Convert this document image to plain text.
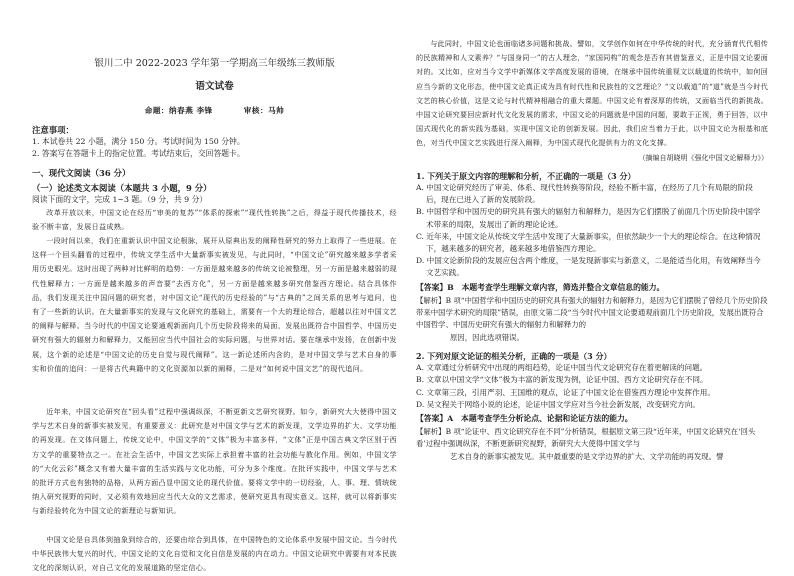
银川二中 2022-2023 学年第一学期高三年级练三教师版
语文试卷
命题：纳春燕 李锋	审核：马帅
注意事项：
1. 本试卷共 22 小题，满分 150 分。考试时间为 150 分钟。
2. 答案写在答题卡上的指定位置。考试结束后，交回答题卡。
一、现代文阅读（36 分）
（一）论述类文本阅读（本题共 3 小题，9 分）
阅读下面的文字，完成 1~3 题。（9 分，共 9 分）
改革开放以来，中国文论在经历“审美的复苏”“体系的探索”“现代性转换”之后，得益于现代传播技术，经验不断丰富，发展日益成熟。
一段时间以来，我们在重新认识中国文论根脉，展开从原典出发的阐释性研究的努力上取得了一些进展。在这样一个回头翻看的过程中，传统文学生活中大量新事实被发见，与此同时，“中国文论”研究越来越多学者采用历史眼光。这时出现了两种对比鲜明的趋势：一方面是越来越多的传统文论被整理，另一方面是越来越弱的现代性解释力；一方面是越来越多的声音要“去西方化”，另一方面是越来越多研究借鉴西方理论。结合具体作品，我们发现关注中国问题的研究者，对中国文论“现代的历史经验的”与“古典的”之间关系的思考与追问，也有了一些新的认识。在大量新事实的发现与文化研究的基础上，需要有一个大的理论综合，超越以往对中国文艺的阐释与解释。当今时代的中国文论要通观新面向几个历史阶段将来的局面，发展出既符合中国哲学、中国历史研究有强大的辐射力和解释力，又能回应当代中国社会的实际问题，与世界对话。要在继承中发扬，在创新中发展，这个新的论述是“中国文论的历史自觉与现代阐释”。这一新论述所内含的，是对中国文学与艺术自身的事实和价值的追问：一是将古代典籍中的文化资源加以新的阐释，二是对“如何说中国文艺”的现代追问。
近年来，中国文论研究在“回头看”过程中强调纵深，不断更新文艺研究视野。如今，新研究大大使得中国文学与艺术自身的新事实被发见，有重要意义：此研究是对中国文学与艺术的新发现，文学边界的扩大、文学功能的再发现。在文体问题上，传统文论中，中国文学的“文体”极为丰富多样，“文体”正是中国古典文学区别于西方文学的重要特点之一。在社会生活中，中国文艺实际上承担着丰富的社会功能与教化作用。例如，中国文学的“大化云彩”概念又有着大量丰富的生活实践与文化功能，可分为多个维度。在批评实践中，中国文学与艺术的批评方式也有独特的品格，从两方面凸显中国文论的现代价值。要将文学中的一切经验，人、事、理、情统统纳入研究视野的同时，又必须有效地回应当代大众的文艺需求，使研究更具有现实意义。这样，就可以将新事实与新经验转化为中国文论的新理论与新知识。
中国文论是自具体到抽象到综合的，还要由综合到具体，在中国特色的文论体系中发展中国文论。当今时代中华民族伟大复兴的时代，中国文论的文化自觉和文化自信是发展的内在动力。中国文论研究中需要有对本民族文化的深刻认识，对自己文化的发展道路的坚定信心。
与此同时，中国文论也面临诸多问题和挑战。譬如，文学创作如何在中华传统的时代，充分涵育代代相传的民族精神和人文素养？“与国身同一”的古人理念，“家国同构”的观念是否有其借鉴意义，正是中国文论要面对的。又比如，应对当今文学中新媒体文学高度发展的语境，在继承中国传统重视文以载道的传统中，如何回应当今新的文化形态，使中国文论真正成为具有时代性和民族性的文艺理论？“文以载道”的“道”就是当今时代文艺的核心价值，这是文论与时代精神相融合的重大课题。中国文论有着深厚的传统，又面临当代的新挑战。中国文论研究要回应新时代文化发展的需求，中国文论的问题就是中国的问题，要敢于正视，勇于回答，以中国式现代化的新实践为基础，实现中国文论的创新发展。因此，我们应当着力于此，以中国文论为根基和底色，对当代中国文艺实践进行深入阐释，为中国式现代化提供有力的文化支撑。
（摘编自胡晓明《强化中国文论解释力》）
1. 下列关于原文内容的理解和分析，不正确的一项是（3 分）
A. 中国文论研究经历了审美、体系、现代性转换等阶段，经验不断丰富，在经历了几个有局限的阶段后，现在已进入了新的发展阶段。
B. 中国哲学和中国历史的研究具有强大的辐射力和解释力，是因为它们摆脱了前面几个历史阶段中国学术带来的局限，发展出了新的理论论述。
C. 近年来，中国文论从传统文学生活中发现了大量新事实，但依然缺少一个大的理论综合。在这种情况下，越来越多的研究者，越来越多地借鉴西方理论。
D. 中国文论新阶段的发展应包含两个维度，一是发现新事实与新意义，二是能适当化用，有效阐释当今文艺实践。
【答案】B　本题考查学生理解文章内容，筛选并整合文章信息的能力。
【解析】B 项“中国哲学和中国历史的研究具有强大的辐射力和解释力，是因为它们摆脱了曾经几个历史阶段带来中国学术研究的局限”错误，由原文第二段“当今时代中国文论要通观前面几个历史阶段，发展出既符合中国哲学、中国历史研究有强大的辐射力和解释力的
原因，因此选项错误。
2. 下列对原文论证的相关分析，正确的一项是（3 分）
A. 文章通过分析研究中出现的两组趋势，论证中国当代文论研究存在着更解读的问题。
B. 文章以中国文学“文体”极为丰富的新发现为例，论证中国、西方文论研究存在不同。
C. 文章第三段，引用严羽、王国维的观点，论证了中国文论在借鉴西方理论中发挥作用。
D. 吴文程关于网络小说的论述，论证中国文学应对当今社会新发展，改变研究方向。
【答案】A　本题考查学生分析论点、论据和论证方法的能力。
【解析】B 项“论证中、西文论研究存在不同”分析错误，根据原文第三段“近年来，中国文论研究在‘回头看’过程中强调纵深，不断更新研究视野，新研究大大使得中国文学与
艺术自身的新事实被发见。其中最重要的是文学边界的扩大、文学功能的再发现。譬
